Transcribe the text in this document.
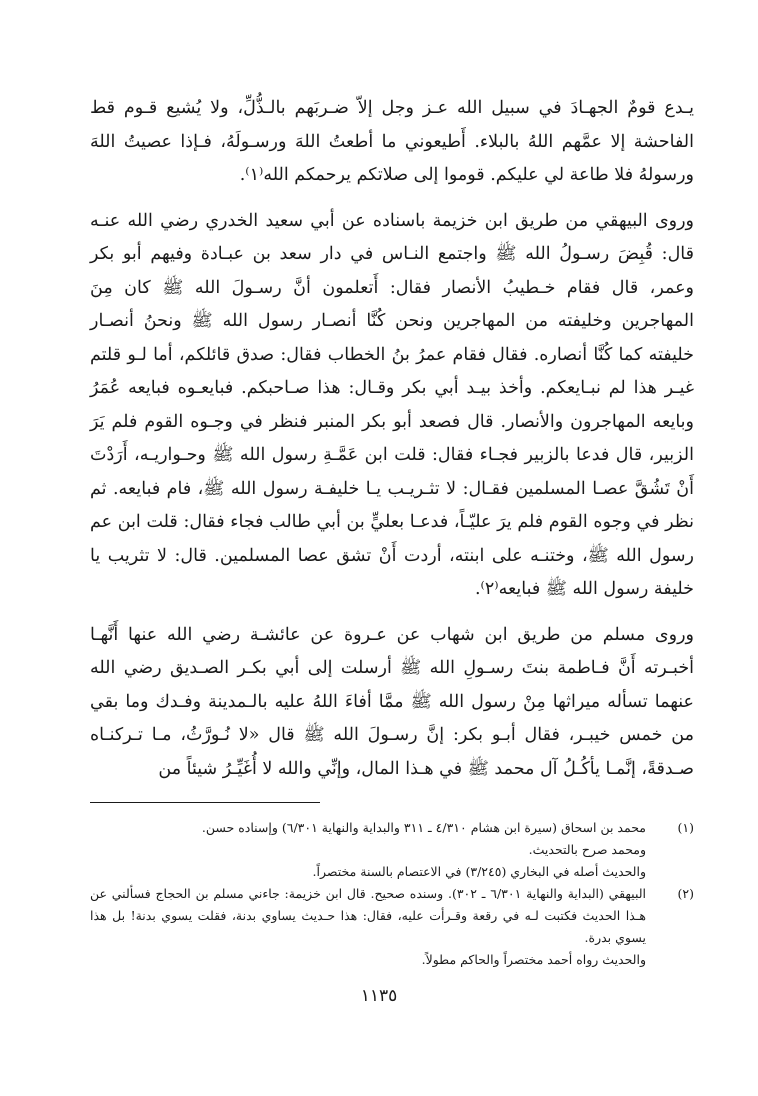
يـدع قومٌ الجهـادَ في سبيل الله عـز وجل إلاّ ضـربَهم بالـذُّلِّ، ولا يُشيع قـوم قط الفاحشة إلا عمَّهم اللهُ بالبلاء. أَطيعوني ما أطعتُ اللهَ ورسـولَهُ، فـإذا عصيتُ اللهَ ورسولهُ فلا طاعة لي عليكم. قوموا إلى صلاتكم يرحمكم الله⁽١⁾.

وروى البيهقي من طريق ابن خزيمة باسناده عن أبي سعيد الخدري رضي الله عنـه قال: قُبِضَ رسـولُ الله ﷺ واجتمع النـاس في دار سعد بن عبـادة وفيهم أبو بكر وعمر، قال فقام خـطيبُ الأنصار فقال: أَتعلمون أنَّ رسـولَ الله ﷺ كان مِنَ المهاجرين وخليفته من المهاجرين ونحن كُنَّا أنصـار رسول الله ﷺ ونحنُ أنصـار خليفته كما كُنَّا أنصاره. فقال فقام عمرُ بنُ الخطاب فقال: صدق قائلكم، أما لـو قلتم غيـر هذا لم نبـايعكم. وأخذ بيـد أبي بكر وقـال: هذا صـاحبكم. فبايعـوه فبايعه عُمَرُ وبايعه المهاجرون والأنصار. قال فصعد أبو بكر المنبر فنظر في وجـوه القوم فلم يَرَ الزبير، قال فدعا بالزبير فجـاء فقال: قلت ابن عَمَّـةِ رسول الله ﷺ وحـواريـه، أَرَدْتَ أَنْ تَشُقَّ عصـا المسلمين فقـال: لا تثـريـب يـا خليفـة رسول الله ﷺ، فام فبايعه. ثم نظر في وجوه القوم فلم يرَ عليّـاً، فدعـا بعليٍّ بن أبي طالب فجاء فقال: قلت ابن عم رسول الله ﷺ، وختنـه على ابنته، أردت أَنْ تشق عصا المسلمين. قال: لا تثريب يا خليفة رسول الله ﷺ فبايعه⁽٢⁾.

وروى مسلم من طريق ابن شهاب عن عـروة عن عائشـة رضي الله عنها أَنَّهـا أخبـرته أَنَّ فـاطمة بنتَ رسـولِ الله ﷺ أرسلت إلى أبي بكـر الصـديق رضي الله عنهما تسأله ميراثها مِنْ رسول الله ﷺ ممَّا أفاءَ اللهُ عليه بالـمدينة وفـدك وما بقي من خمس خيبـر، فقال أبـو بكر: إنَّ رسـولَ الله ﷺ قال «لا نُـورَّثُ، مـا تـركنـاه صـدقةً، إنَّمـا يأكُـلُ آل محمد ﷺ في هـذا المال، وإنِّي والله لا أُغَيِّـرُ شيئاً من

(١)
محمد بن اسحاق (سيرة ابن هشام ٤/٣١٠ ـ ٣١١ والبداية والنهاية ٦/٣٠١) وإسناده حسن.
ومحمد صرح بالتحديث.
والحديث أصله في البخاري (٣/٢٤٥) في الاعتصام بالسنة مختصراً.
(٢)
البيهقي (البداية والنهاية ٦/٣٠١ ـ ٣٠٢). وسنده صحيح. قال ابن خزيمة: جاءني مسلم بن الحجاج فسألني عن هـذا الحديث فكتبت لـه في رقعة وقـرأت عليه، فقال: هذا حـديث يساوي بدنة، فقلت يسوي بدنة! بل هذا يسوي بدرة.
والحديث رواه أحمد مختصراً والحاكم مطولاً.
١١٣٥
